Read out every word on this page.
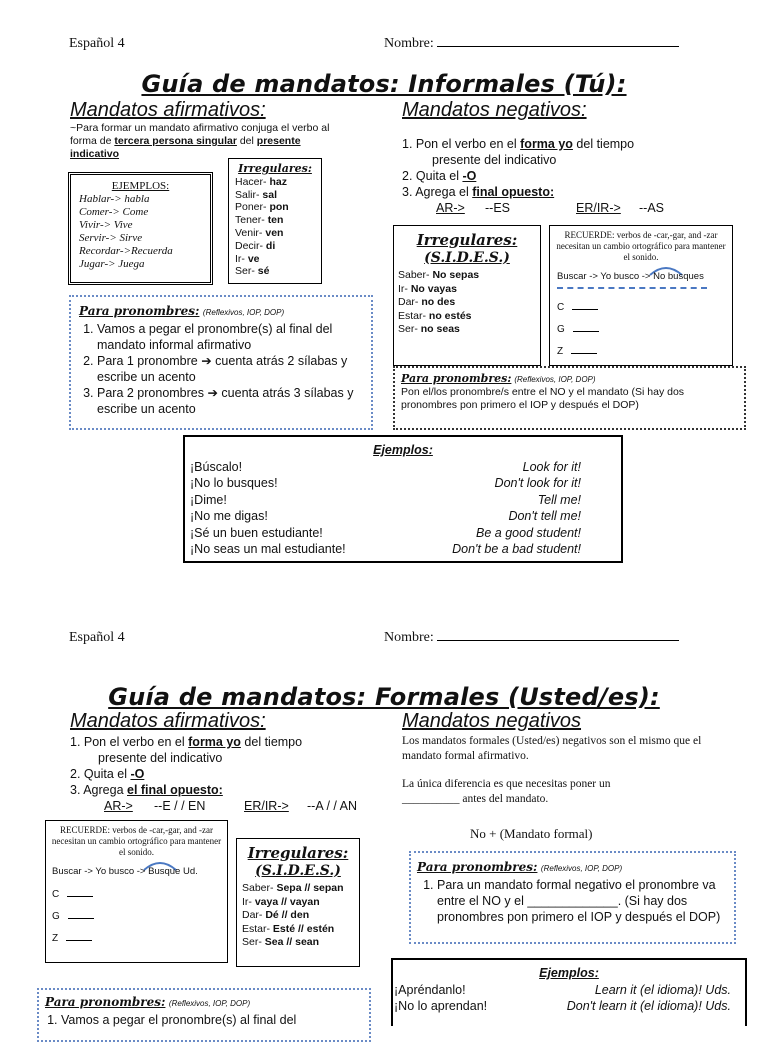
Español 4	Nombre:
Guía de mandatos: Informales (Tú):
Mandatos afirmativos:
~Para formar un mandato afirmativo conjuga el verbo al
forma de tercera persona singular del presente
indicativo
EJEMPLOS:
Hablar-> habla
Comer-> Come
Vivir-> Vive
Servir-> Sirve
Recordar->Recuerda
Jugar-> Juega
Irregulares:
Hacer- haz
Salir- sal
Poner- pon
Tener- ten
Venir- ven
Decir- di
Ir- ve
Ser- sé
Para pronombres: (Reflexivos, IOP, DOP)
1. Vamos a pegar el pronombre(s) al final del mandato informal afirmativo
2. Para 1 pronombre ➔ cuenta atrás 2 sílabas y escribe un acento
3. Para 2 pronombres ➔ cuenta atrás 3 sílabas y escribe un acento
Mandatos negativos:
1. Pon el verbo en el forma yo del tiempo
presente del indicativo
2. Quita el -O
3. Agrega el final opuesto:
AR-> --ES	ER/IR-> --AS
Irregulares:
(S.I.D.E.S.)
Saber- No sepas
Ir- No vayas
Dar- no des
Estar- no estés
Ser- no seas
RECUERDE: verbos de -car,-gar, and -zar necesitan un cambio ortográfico para mantener el sonido.
Buscar -> Yo busco -> No busques
C
G
Z
Para pronombres: (Reflexivos, IOP, DOP)
Pon el/los pronombre/s entre el NO y el mandato (Si hay dos pronombres pon primero el IOP y después el DOP)
Ejemplos:
¡Búscalo!	Look for it!
¡No lo busques!	Don't look for it!
¡Dime!	Tell me!
¡No me digas!	Don't tell me!
¡Sé un buen estudiante!	Be a good student!
¡No seas un mal estudiante!	Don't be a bad student!
Español 4	Nombre:
Guía de mandatos: Formales (Usted/es):
Mandatos afirmativos:
1. Pon el verbo en el forma yo del tiempo
presente del indicativo
2. Quita el -O
3. Agrega el final opuesto:
AR-> --E / / EN	ER/IR-> --A / / AN
RECUERDE: verbos de -car,-gar, and -zar necesitan un cambio ortográfico para mantener el sonido.
Buscar -> Yo busco -> Busque Ud.
C
G
Z
Irregulares:
(S.I.D.E.S.)
Saber- Sepa // sepan
Ir- vaya // vayan
Dar- Dé // den
Estar- Esté // estén
Ser- Sea // sean
Para pronombres: (Reflexivos, IOP, DOP)
1. Vamos a pegar el pronombre(s) al final del
Mandatos negativos
Los mandatos formales (Usted/es) negativos son el mismo que el mandato formal afirmativo.
La única diferencia es que necesitas poner un
__________ antes del mandato.
No + (Mandato formal)
Para pronombres: (Reflexivos, IOP, DOP)
1. Para un mandato formal negativo el pronombre va entre el NO y el _____________. (Si hay dos pronombres pon primero el IOP y después el DOP)
Ejemplos:
¡Apréndanlo!	Learn it (el idioma)! Uds.
¡No lo aprendan!	Don't learn it (el idioma)! Uds.
